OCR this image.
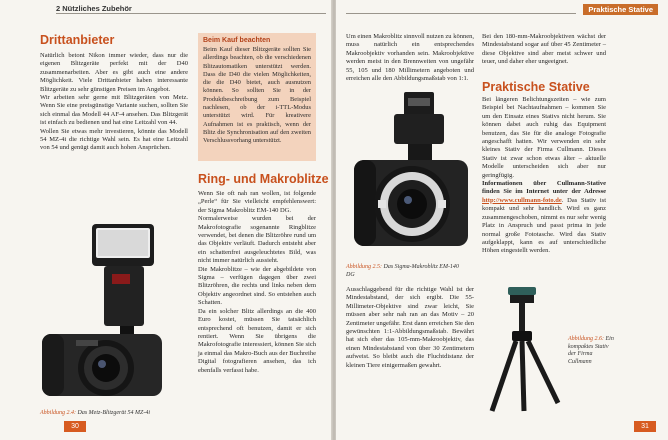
2 Nützliches Zubehör
Drittanbieter

Natürlich betont Nikon immer wieder, dass nur die eigenen Blitzgeräte perfekt mit der D40 zusammenarbeiten. Aber es gibt auch eine andere Möglichkeit. Viele Drittanbieter haben interessante Blitzgeräte zu sehr günstigen Preisen im Angebot.

Wir arbeiten sehr gerne mit Blitzgeräten von Metz. Wenn Sie eine preisgünstige Variante suchen, sollten Sie sich einmal das Modell 44 AF-4 ansehen. Das Blitzgerät ist einfach zu bedienen und hat eine Leitzahl von 44.

Wollen Sie etwas mehr investieren, könnte das Modell 54 MZ-4i die richtige Wahl sein. Es hat eine Leitzahl von 54 und genügt damit auch hohen Ansprüchen.

Abbildung 2.4: Das Metz-Blitzgerät 54 MZ-4i
Beim Kauf beachten
Beim Kauf dieser Blitzgeräte sollten Sie allerdings beachten, ob die verschiedenen Blitzautomatiken unterstützt werden. Dass die D40 die vielen Möglichkeiten, die die D40 bietet, auch ausnutzen können. So sollten Sie in der Produktbeschreibung zum Beispiel nachlesen, ob der i-TTL-Modus unterstützt wird. Für kreativere Aufnahmen ist es praktisch, wenn der Blitz die Synchronisation auf den zweiten Verschlussvorhang unterstützt.
Ring- und Makroblitze

Wenn Sie oft nah ran wollen, ist folgende „Perle“ für Sie vielleicht empfehlenswert: der Sigma Makroblitz EM-140 DG.

Normalerweise wurden bei der Makrofotografie sogenannte Ringblitze verwendet, bei denen die Blitzröhre rund um das Objektiv verläuft. Dadurch entsteht aber ein schattenfrei ausgeleuchtetes Bild, was nicht immer natürlich aussieht.

Die Makroblitze – wie der abgebildete von Sigma – verfügen dagegen über zwei Blitzröhren, die rechts und links neben dem Objektiv angeordnet sind. So entstehen auch Schatten.

Da ein solcher Blitz allerdings an die 400 Euro kostet, müssen Sie tatsächlich entsprechend oft benutzen, damit er sich rentiert. Wenn Sie übrigens die Makrofotografie interessiert, können Sie sich ja einmal das Makro-Buch aus der Buchreihe Digital fotografieren ansehen, das ich ebenfalls verfasst habe.

30
Praktische Stative

Um einen Makroblitz sinnvoll nutzen zu können, muss natürlich ein entsprechendes Makroobjektiv vorhanden sein. Makroobjektive werden meist in den Brennweiten von ungefähr 55, 105 und 180 Millimetern angeboten und erreichen alle den Abbildungsmaßstab von 1:1.

Abbildung 2.5: Das Sigma-Makroblitz EM-140 DG

Ausschlaggebend für die richtige Wahl ist der Mindestabstand, der sich ergibt. Die 55-Millimeter-Objektive sind zwar leicht, Sie müssen aber sehr nah ran an das Motiv – 20 Zentimeter ungefähr. Erst dann erreichen Sie den gewünschten 1:1-Abbildungsmaßstab. Bewährt hat sich eher das 105-mm-Makroobjektiv, das einen Mindestabstand von über 30 Zentimetern aufweist. So bleibt auch die Fluchtdistanz der kleinen Tiere einigermaßen gewahrt.

Bei den 180-mm-Makroobjektiven wächst der Mindestabstand sogar auf über 45 Zentimeter – diese Objektive sind aber meist schwer und teuer, und daher eher ungeeignet.

Praktische Stative

Bei längeren Belichtungszeiten – wie zum Beispiel bei Nachtaufnahmen – kommen Sie um den Einsatz eines Stativs nicht herum. Sie können dabei auch ruhig das Equipment benutzen, das Sie für die analoge Fotografie angeschafft hatten. Wir verwenden ein sehr kleines Stativ der Firma Cullmann. Dieses Stativ ist zwar schon etwas älter – aktuelle Modelle unterscheiden sich aber nur geringfügig.

Informationen über Cullmann-Stative finden Sie im Internet unter der Adresse http://www.cullmann-foto.de. Das Stativ ist kompakt und sehr handlich. Wird es ganz zusammengeschoben, nimmt es nur sehr wenig Platz in Anspruch und passt prima in jede normal große Fototasche. Wird das Stativ aufgeklappt, kann es auf unterschiedliche Höhen eingestellt werden.

Abbildung 2.6: Ein kompaktes Stativ der Firma Cullmann
31
